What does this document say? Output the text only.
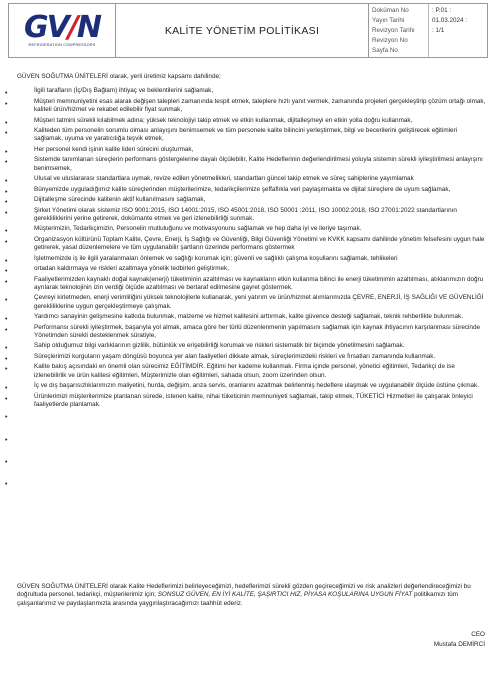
GV∕N
REFRIGERATION COMPRESSORS
KALİTE YÖNETİM POLİTİKASI
Doküman No
Yayın Tarihi
Revizyon Tarihi
Revizyon No
Sayfa No
: P.01 :
01.03.2024 :
: 1/1

GÜVEN SOĞUTMA ÜNİTELERİ olarak, yerli üretimiz kapsamı dahilinde;

• İlgili tarafların (İç/Dış Bağlam) ihtiyaç ve beklentilerini sağlamak,
• Müşteri memnuniyetini esas alarak değişen talepleri zamanında tespit etmek, taleplere hızlı yanıt vermek, zamanında projeleri gerçekleştirip çözüm ortağı olmak, kaliteli ürün/hizmet ve rekabet edilebilir fiyat sunmak,
• Müşteri tatmini sürekli kılabilmek adına; yüksek teknolojiyi takip etmek ve etkin kullanmak, dijitalleşmeyi en etkin yolla doğru kullanmak,
• Kaliteden tüm personelin sorumlu olması anlayışını benimsemek ve tüm personele kalite bilincini yerleştirmek, bilgi ve becerilerini geliştirecek eğitimleri sağlamak, uyuma ve yaratıcılığa teşvik etmek,
• Her personel kendi işinin kalite lideri sürecini oluşturmak,
• Sistemde tanımlanan süreçlerin performans göstergelerine dayalı ölçülebilir, Kalite Hedeflerinin değerlendirilmesi yoluyla sistemin sürekli iyileştirilmesi anlayışını benimsemek,
• Ulusal ve uluslararası standartlara uymak, revize edilen yönetmelikleri, standartları güncel takip etmek ve süreç sahiplerine yayımlamak
• Bünyemizde uyguladığımız kalite süreçlerinden müşterilerimize, tedarikçilerimize şeffaflıkla veri paylaşılmakta ve dijital süreçlere de uyum sağlamak,
• Dijitalleşme sürecinde kalitenin aktif kullanılmasını sağlamak,
• Şirket Yönetimi olarak sistemiz ISO 9001:2015, ISO 14001:2015, ISO 45001:2018, ISO 50001 :2011, ISO 10002:2018, ISO 27001:2022 standartlarının gerekliliklerini yerine getirerek, dokümante etmek ve geri izlenebilirliği sunmak.
• Müşterimizin, Tedarikçimizin, Personelin mutluluğunu ve motivasyonunu sağlamak ve hep daha iyi ve ileriye taşımak.
• Organizasyon kültürünü Toplam Kalite, Çevre, Enerji, İş Sağlığı ve Güvenliği, Bilgi Güvenliği Yönetimi ve KVKK kapsamı dahilinde yönetim felsefesini uygun hale getirerek, yasal düzenlemelere ve tüm uygulanabilir şartların üzerinde performans göstermek
• İşletmemizde iş ile ilgili yaralanmaları önlemek ve sağlığı korumak için; güvenli ve sağlıklı çalışma koşullarını sağlamak, tehlikeleri
• ortadan kaldırmaya ve riskleri azaltmaya yönelik tedbirleri geliştirmek,
• Faaliyetlerimizden kaynaklı doğal kaynak(enerji) tüketiminin azaltılması ve kaynakların etkin kullanma bilinci ile enerji tüketimimin azaltılması, atıklarımızın doğru ayrılarak teknolojinin izin verdiği ölçüde azaltılması ve bertaraf edilmesine gayret göstermek.
• Çevreyi kirletmeden, enerji verimliliğini yüksek teknolojilerle kullanarak, yeni yatırım ve ürün/hizmet alımlarımızda ÇEVRE, ENERJİ, İŞ SAĞLIĞI VE GÜVENLİĞİ gerekliliklerine uygun gerçekleştirmeye çalışmak.
• Yardımcı sanayinin gelişmesine katkıda bulunmak, malzeme ve hizmet kalitesini arttırmak, kalite güvence desteği sağlamak, teknik rehberlikte bulunmak.
• Performansı sürekli iyileştirmek, başarıyla yol almak, amaca göre her türlü düzenlenmenin yapılmasını sağlamak için kaynak ihtiyacının karşılanması sürecinde Yönetimden sürekli desteklenmek süratiyle,
• Sahip olduğumuz bilgi varlıklarının gizlilik, bütünlük ve erişebilirliği korumak ve riskleri sistematik bir biçimde yönetilmesini sağlamak.
• Süreçlerimizi kurguların yaşam döngüsü boyunca yer alan faaliyetleri dikkate almak, süreçlerimizdeki riskleri ve fırsatları zamanında kullanmak.
• Kalite bakış açısındaki en önemli olan sürecimiz EĞİTİMDİR. Eğitimi her kademe kullanmak. Firma içinde personel, yönetici eğitimleri, Tedarikçi de ise izlenebilirlik ve ürün kalitesi eğitimleri, Müşterimizle olan eğitimleri, sahada olsun, zoom üzerinden olsun.
• İç ve dış başarısızlıklarımızın maliyetini, hurda, değişim, arıza servis, oranlarını azaltmak belirlenmiş hedeflere ulaşmak ve uygulanabilir ölçüde üstüne çıkmak.
• Ürünlerimizi müşterilerimize planlanan sürede, istenen kalite, nihai tüketicinin memnuniyeti sağlamak, takip etmek, TÜKETİCİ Hizmetleri ile çalışarak önleyici faaliyetlerde planlamak.
•
•
•
•
GÜVEN SOĞUTMA ÜNİTELERİ olarak Kalite Hedeflerimizi belirleyeceğimizi, hedeflerimizi sürekli gözden geçireceğimizi ve risk analizleri değerlendireceğimizi bu doğrultuda personel, tedarikçi, müşterilerimiz için; SONSUZ GÜVEN, EN İYİ KALİTE, ŞAŞIRTICI HIZ, PİYASA KOŞULARINA UYGUN FİYAT politikamızı tüm çalışanlarımız ve paydaşlarımızla arasında yaygınlaştıracağımızı taahhüt ederiz.
CEO
Mustafa DEMİRCİ
